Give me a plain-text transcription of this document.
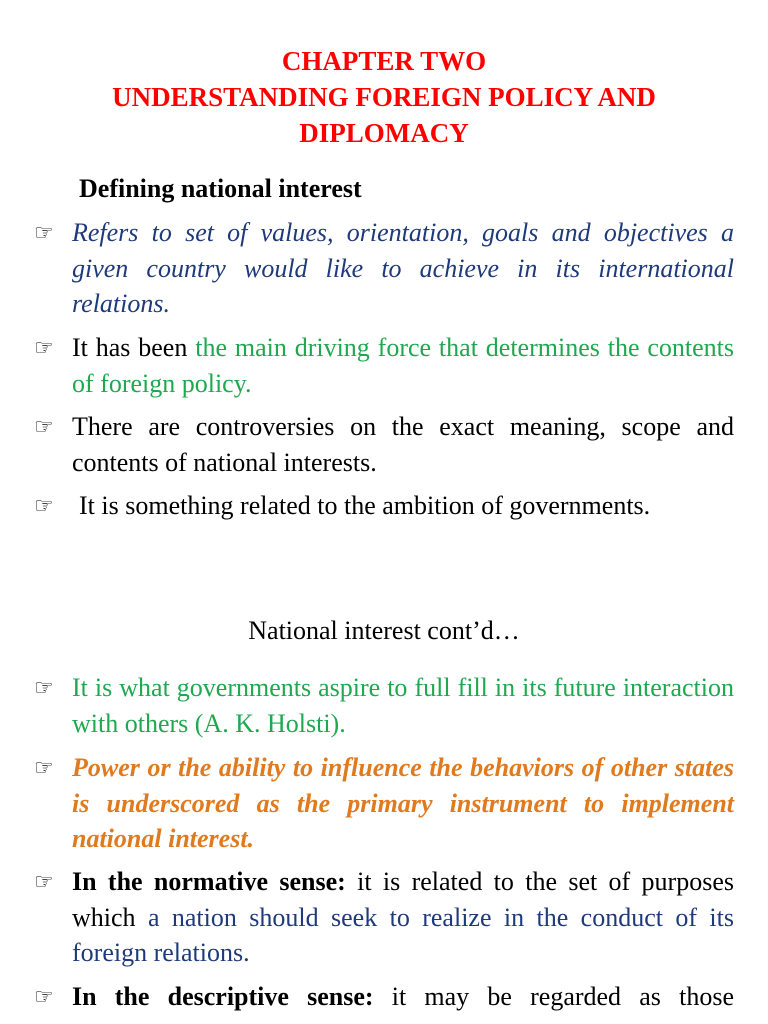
CHAPTER TWO
UNDERSTANDING FOREIGN POLICY AND
DIPLOMACY
Defining national interest
☞ Refers to set of values, orientation, goals and objectives a given country would like to achieve in its international relations.
☞ It has been the main driving force that determines the contents of foreign policy.
☞ There are controversies on the exact meaning, scope and contents of national interests.
☞ It is something related to the ambition of governments.
National interest cont’d…
☞ It is what governments aspire to full fill in its future interaction with others (A. K. Holsti).
☞ Power or the ability to influence the behaviors of other states is underscored as the primary instrument to implement national interest.
☞ In the normative sense: it is related to the set of purposes which a nation should seek to realize in the conduct of its foreign relations.
☞ In the descriptive sense: it may be regarded as those
